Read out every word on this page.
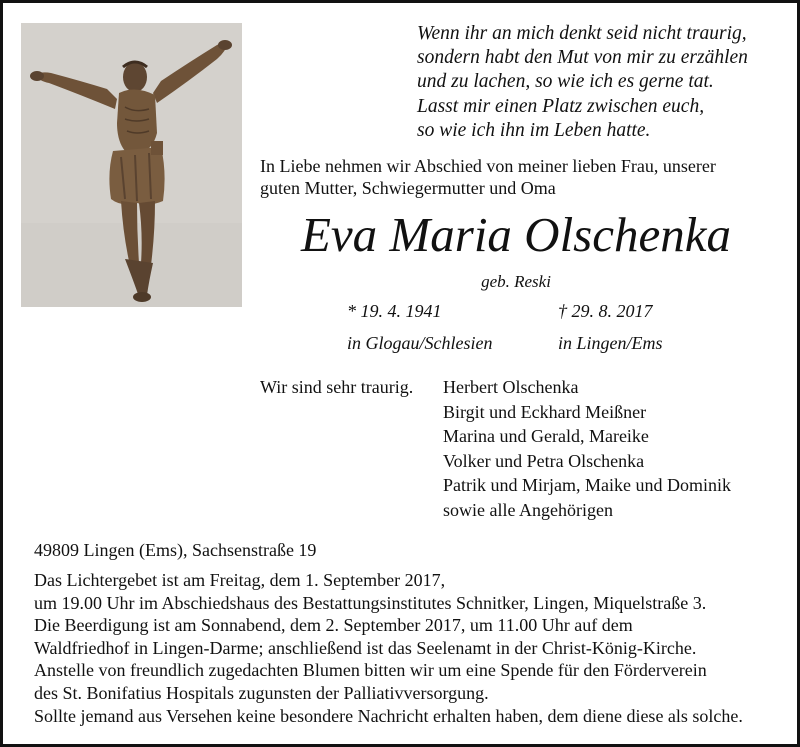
Wenn ihr an mich denkt seid nicht traurig,
sondern habt den Mut von mir zu erzählen
und zu lachen, so wie ich es gerne tat.
Lasst mir einen Platz zwischen euch,
so wie ich ihn im Leben hatte.
In Liebe nehmen wir Abschied von meiner lieben Frau, unserer
guten Mutter, Schwiegermutter und Oma
Eva Maria Olschenka
geb. Reski
* 19. 4. 1941
in Glogau/Schlesien
† 29. 8. 2017
in Lingen/Ems
Wir sind sehr traurig. Herbert Olschenka
Birgit und Eckhard Meißner
Marina und Gerald, Mareike
Volker und Petra Olschenka
Patrik und Mirjam, Maike und Dominik
sowie alle Angehörigen
49809 Lingen (Ems), Sachsenstraße 19
Das Lichtergebet ist am Freitag, dem 1. September 2017,
um 19.00 Uhr im Abschiedshaus des Bestattungsinstitutes Schnitker, Lingen, Miquelstraße 3.
Die Beerdigung ist am Sonnabend, dem 2. September 2017, um 11.00 Uhr auf dem
Waldfriedhof in Lingen-Darme; anschließend ist das Seelenamt in der Christ-König-Kirche.
Anstelle von freundlich zugedachten Blumen bitten wir um eine Spende für den Förderverein
des St. Bonifatius Hospitals zugunsten der Palliativversorgung.
Sollte jemand aus Versehen keine besondere Nachricht erhalten haben, dem diene diese als solche.
